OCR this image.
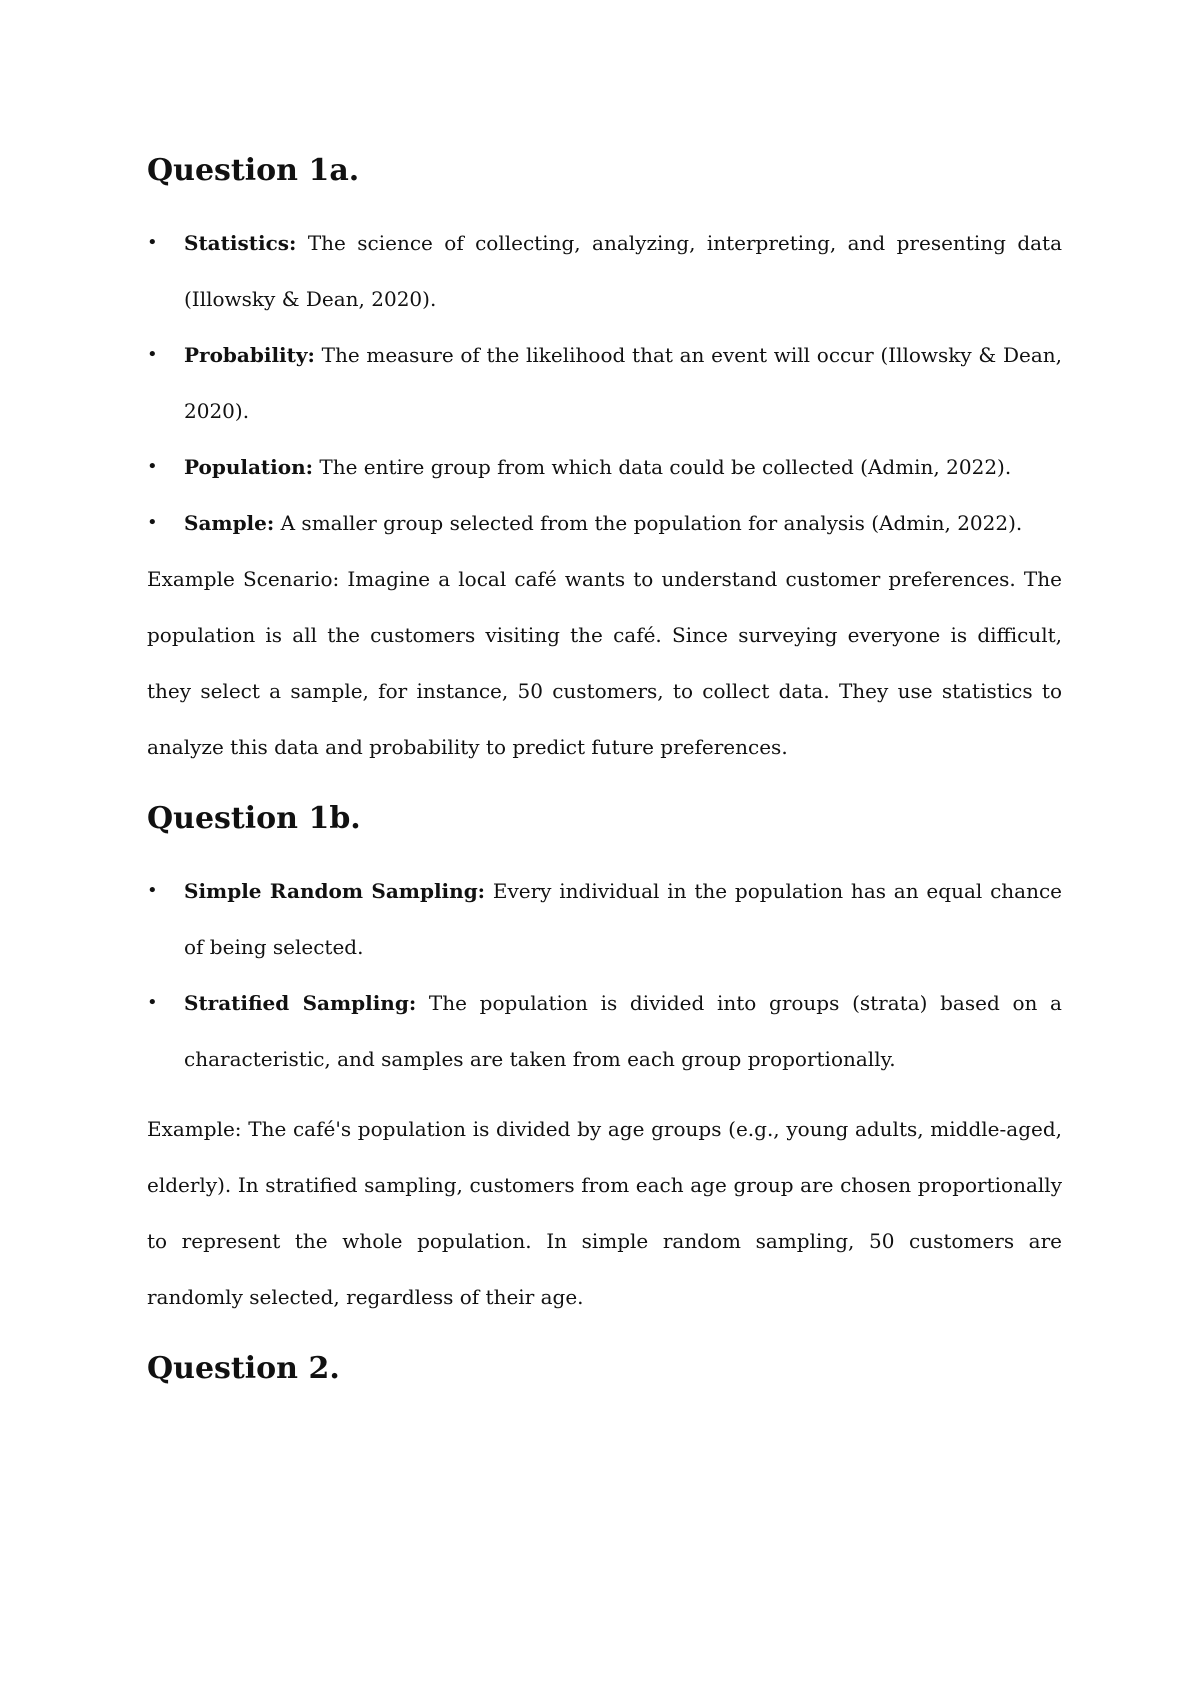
Question 1a.
• Statistics: The science of collecting, analyzing, interpreting, and presenting data (Illowsky & Dean, 2020).
• Probability: The measure of the likelihood that an event will occur (Illowsky & Dean, 2020).
• Population: The entire group from which data could be collected (Admin, 2022).
• Sample: A smaller group selected from the population for analysis (Admin, 2022).

Example Scenario: Imagine a local café wants to understand customer preferences. The population is all the customers visiting the café. Since surveying everyone is difficult, they select a sample, for instance, 50 customers, to collect data. They use statistics to analyze this data and probability to predict future preferences.

Question 1b.
• Simple Random Sampling: Every individual in the population has an equal chance of being selected.
• Stratified Sampling: The population is divided into groups (strata) based on a characteristic, and samples are taken from each group proportionally.

Example: The café's population is divided by age groups (e.g., young adults, middle-aged, elderly). In stratified sampling, customers from each age group are chosen proportionally to represent the whole population. In simple random sampling, 50 customers are randomly selected, regardless of their age.

Question 2.
